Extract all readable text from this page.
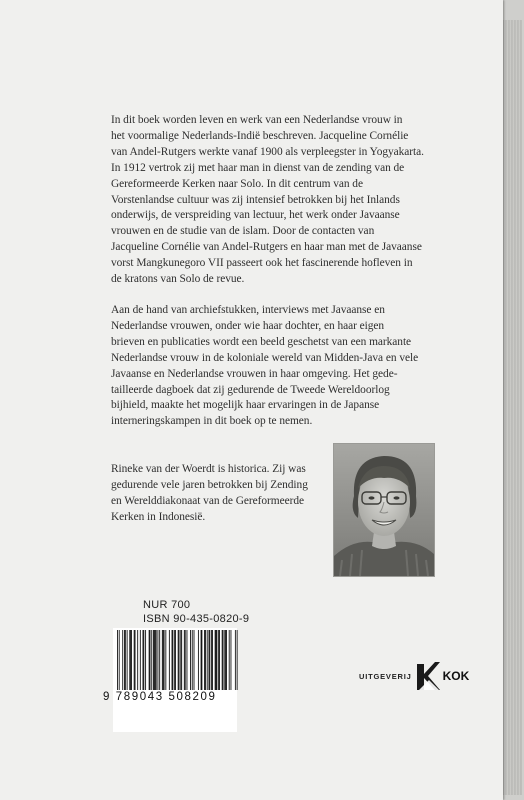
In dit boek worden leven en werk van een Nederlandse vrouw in
het voormalige Nederlands-Indië beschreven. Jacqueline Cornélie
van Andel-Rutgers werkte vanaf 1900 als verpleegster in Yogyakarta.
In 1912 vertrok zij met haar man in dienst van de zending van de
Gereformeerde Kerken naar Solo. In dit centrum van de
Vorstenlandse cultuur was zij intensief betrokken bij het Inlands
onderwijs, de verspreiding van lectuur, het werk onder Javaanse
vrouwen en de studie van de islam. Door de contacten van
Jacqueline Cornélie van Andel-Rutgers en haar man met de Javaanse
vorst Mangkunegoro VII passeert ook het fascinerende hofleven in
de kratons van Solo de revue.
Aan de hand van archiefstukken, interviews met Javaanse en
Nederlandse vrouwen, onder wie haar dochter, en haar eigen
brieven en publicaties wordt een beeld geschetst van een markante
Nederlandse vrouw in de koloniale wereld van Midden-Java en vele
Javaanse en Nederlandse vrouwen in haar omgeving. Het gede-
tailleerde dagboek dat zij gedurende de Tweede Wereldoorlog
bijhield, maakte het mogelijk haar ervaringen in de Japanse
interneringskampen in dit boek op te nemen.
Rineke van der Woerdt is historica. Zij was
gedurende vele jaren betrokken bij Zending
en Werelddiakonaat van de Gereformeerde
Kerken in Indonesië.
NUR 700
ISBN 90-435-0820-9
9 789043 508209
UITGEVERIJ	KOK
